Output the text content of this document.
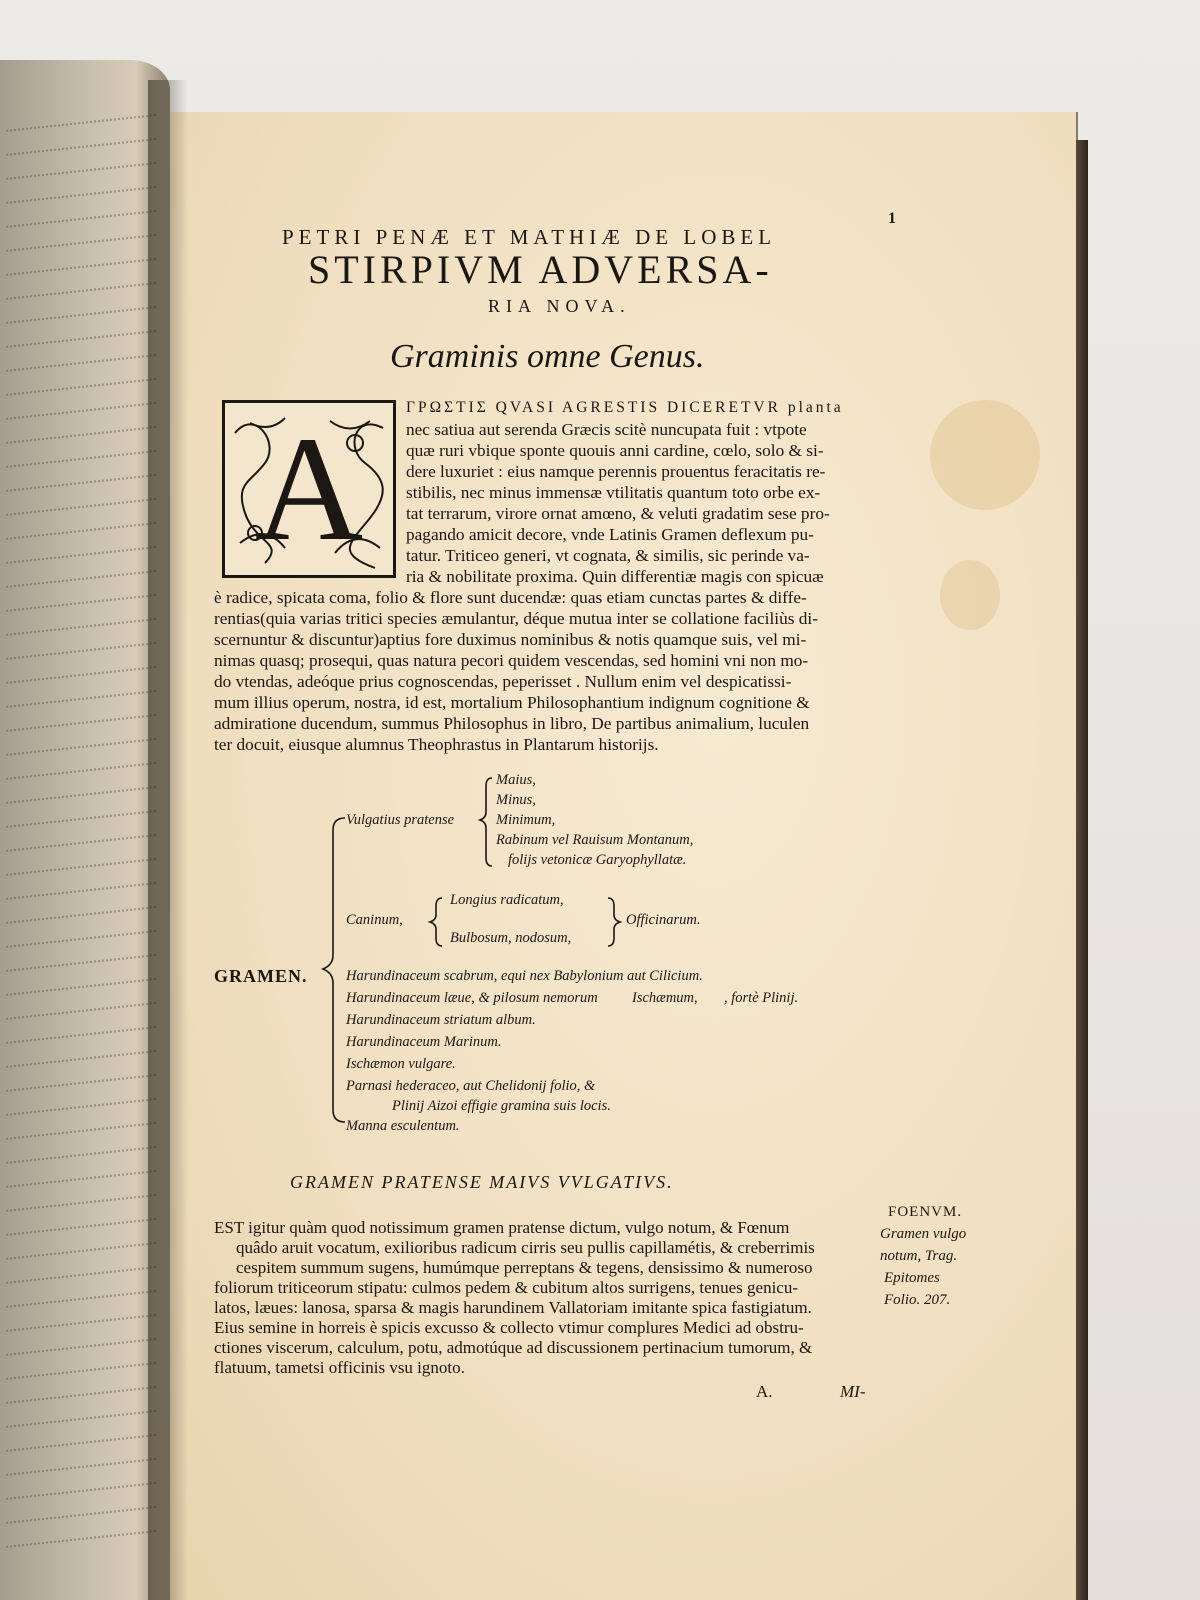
1
PETRI PENÆ ET MATHIÆ DE LOBEL
STIRPIVM ADVERSA-
RIA NOVA.
Graminis omne Genus.
A	ΓΡΩΣΤΙΣ QVASI AGRESTIS DICERETVR planta
nec satiua aut serenda Græcis scitè nuncupata fuit : vtpote
quæ ruri vbique sponte quouis anni cardine, cœlo, solo & si-
dere luxuriet : eius namque perennis prouentus feracitatis re-
stibilis, nec minus immensæ vtilitatis quantum toto orbe ex-
tat terrarum, virore ornat amœno, & veluti gradatim sese pro-
pagando amicit decore, vnde Latinis Gramen deflexum pu-
tatur. Triticeo generi, vt cognata, & similis, sic perinde va-
ria & nobilitate proxima. Quin differentiæ magis con spicuæ
è radice, spicata coma, folio & flore sunt ducendæ: quas etiam cunctas partes & diffe-
rentias(quia varias tritici species æmulantur, déque mutua inter se collatione faciliùs di-
scernuntur & discuntur)aptius fore duximus nominibus & notis quamque suis, vel mi-
nimas quasq; prosequi, quas natura pecori quidem vescendas, sed homini vni non mo-
do vtendas, adeóque prius cognoscendas, peperisset . Nullum enim vel despicatissi-
mum illius operum, nostra, id est, mortalium Philosophantium indignum cognitione &
admiratione ducendum, summus Philosophus in libro, De partibus animalium, luculen
ter docuit, eiusque alumnus Theophrastus in Plantarum historijs.
GRAMEN.
Vulgatius pratense
Maius,
Minus,
Minimum,
Rabinum vel Rauisum Montanum,
folijs vetonicæ Garyophyllatæ.
Caninum,
Longius radicatum,
Bulbosum, nodosum,
Officinarum.
Harundinaceum scabrum, equi nex Babylonium aut Cilicium.
Harundinaceum læue, & pilosum nemorum Ischæmum, , fortè Plinij.
Harundinaceum striatum album.
Harundinaceum Marinum.
Ischæmon vulgare.
Parnasi hederaceo, aut Chelidonij folio, &
Plinij Aizoi effigie gramina suis locis.
Manna esculentum.
GRAMEN PRATENSE MAIVS VVLGATIVS.
EST igitur quàm quod notissimum gramen pratense dictum, vulgo notum, & Fœnum
quâdo aruit vocatum, exilioribus radicum cirris seu pullis capillamétis, & creberrimis
cespitem summum sugens, humúmque perreptans & tegens, densissimo & numeroso
foliorum triticeorum stipatu: culmos pedem & cubitum altos surrigens, tenues genicu-
latos, læues: lanosa, sparsa & magis harundinem Vallatoriam imitante spica fastigiatum.
Eius semine in horreis è spicis excusso & collecto vtimur complures Medici ad obstru-
ctiones viscerum, calculum, potu, admotúque ad discussionem pertinacium tumorum, &
flatuum, tametsi officinis vsu ignoto.
FOENVM.
Gramen vulgo
notum, Trag.
Epitomes
Folio. 207.
A.	MI-
